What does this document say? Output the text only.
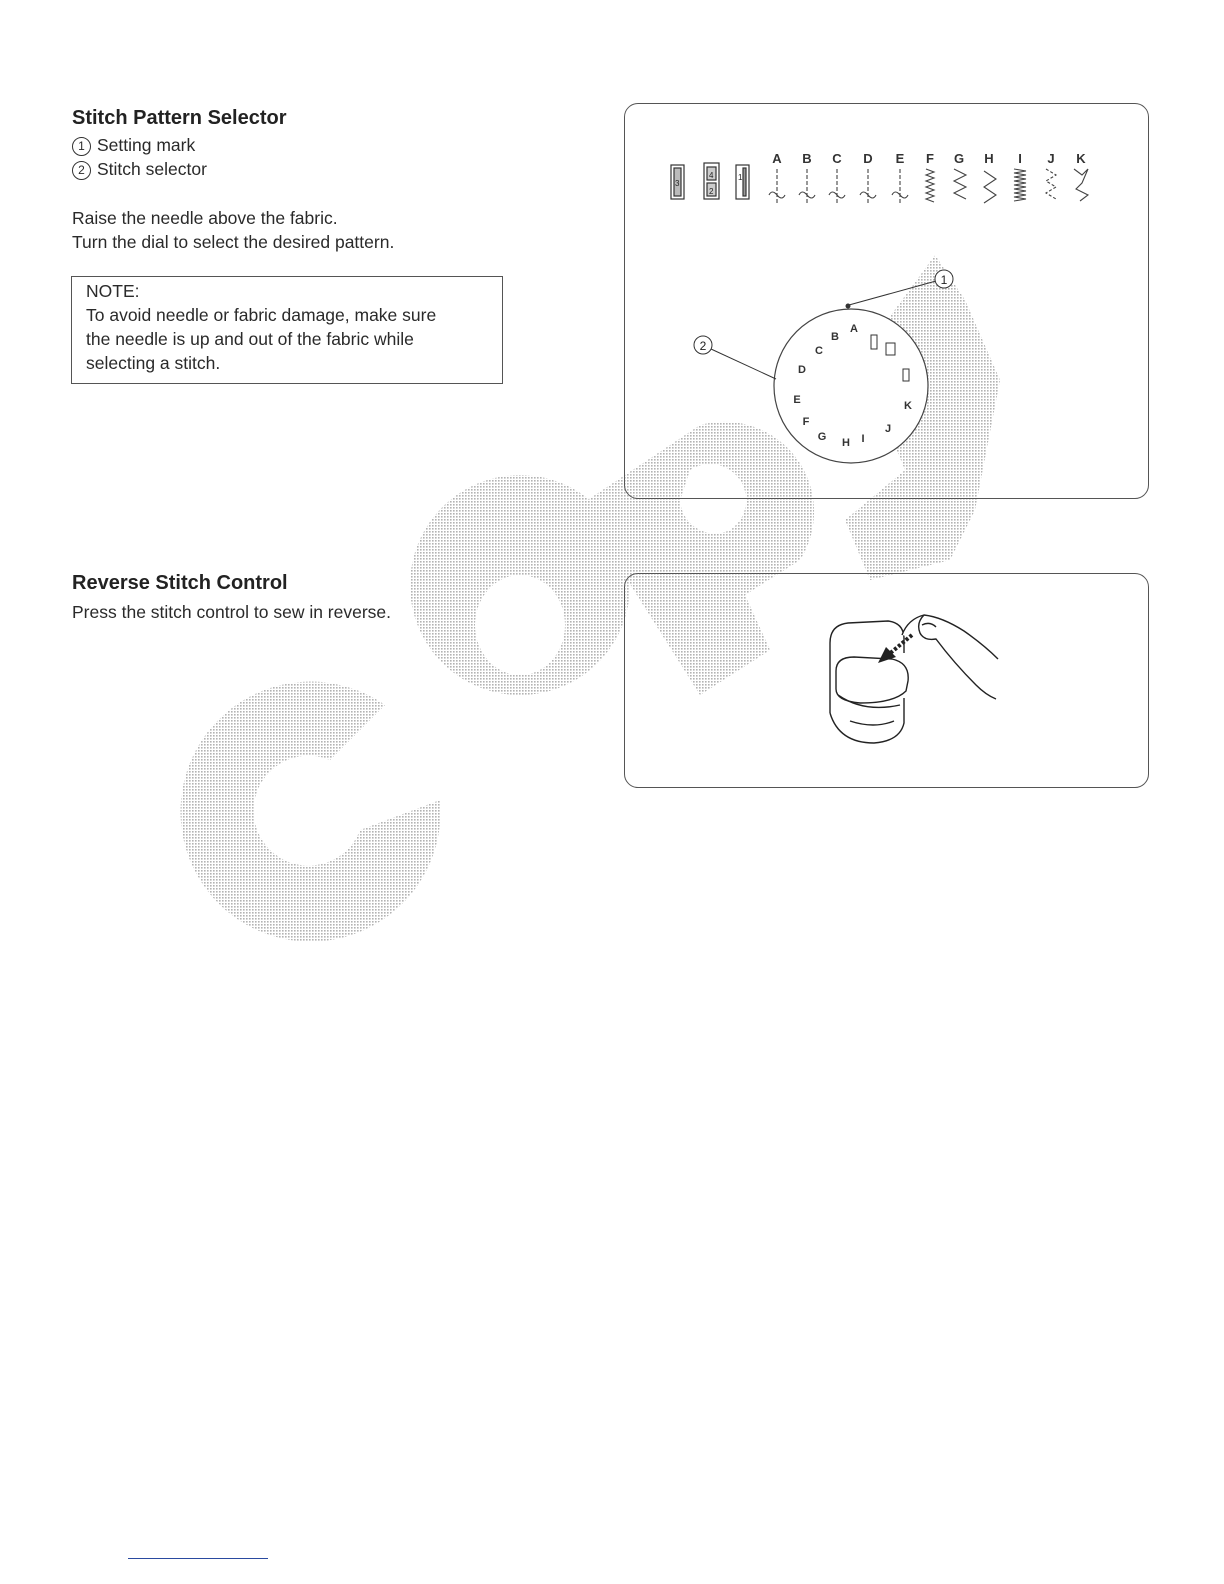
Stitch Pattern Selector
1 Setting mark
2 Stitch selector
Raise the needle above the fabric.
Turn the dial to select the desired pattern.
NOTE:
To avoid needle or fabric damage, make sure
the needle is up and out of the fabric while
selecting a stitch.
Reverse Stitch Control
Press the stitch control to sew in reverse.
3
4
2
1
A B C D E F G H I J K
A
B
C
D
E
F
G H I
J
K
1
2
